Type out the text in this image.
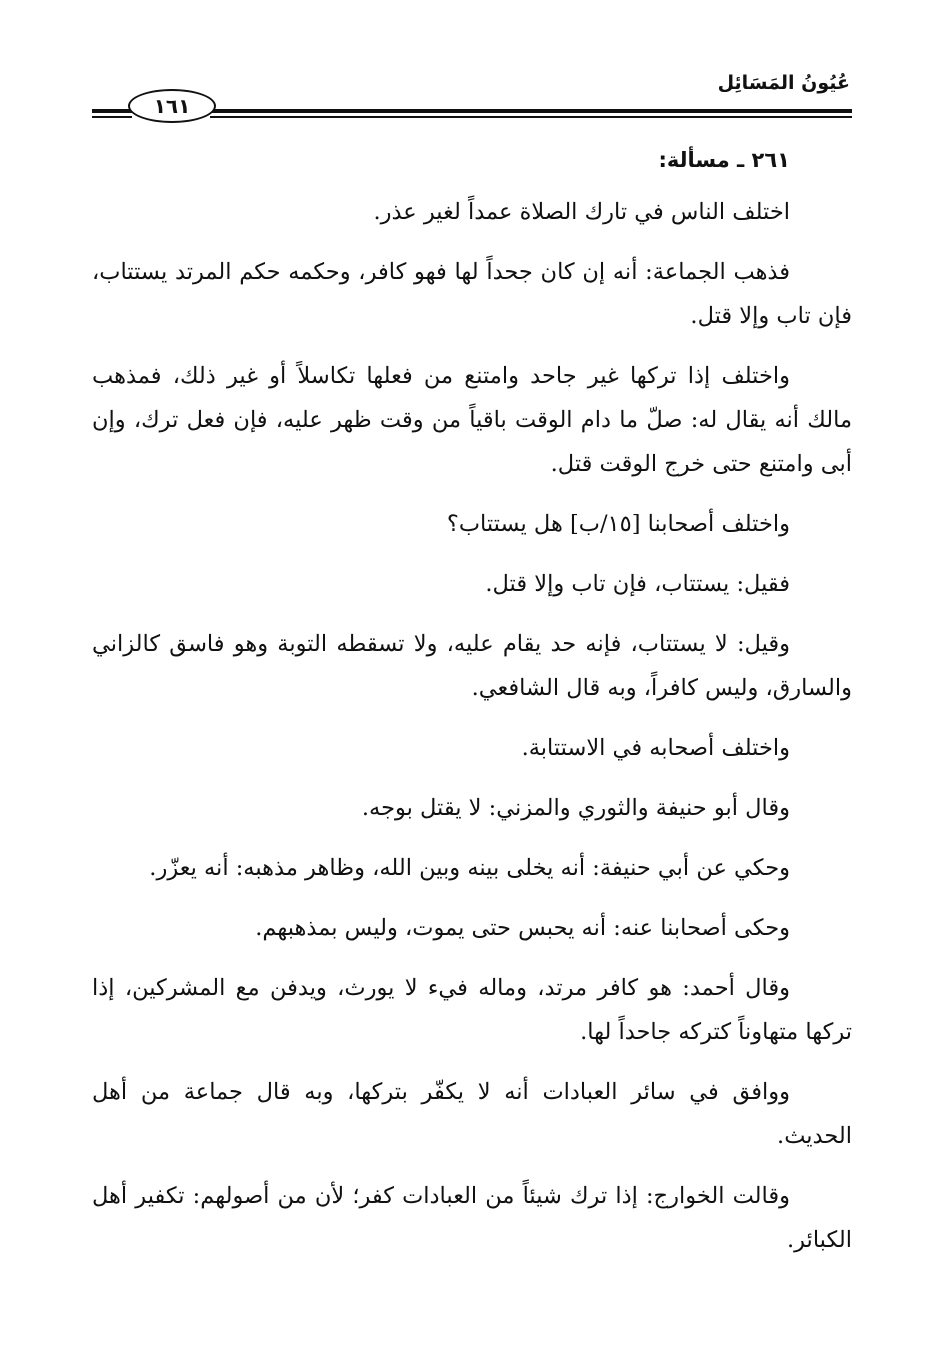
عُيُونُ المَسَائِل
١٦١
٢٦١ ـ مسألة:

اختلف الناس في تارك الصلاة عمداً لغير عذر.

فذهب الجماعة: أنه إن كان جحداً لها فهو كافر، وحكمه حكم المرتد يستتاب، فإن تاب وإلا قتل.

واختلف إذا تركها غير جاحد وامتنع من فعلها تكاسلاً أو غير ذلك، فمذهب مالك أنه يقال له: صلّ ما دام الوقت باقياً من وقت ظهر عليه، فإن فعل ترك، وإن أبى وامتنع حتى خرج الوقت قتل.

واختلف أصحابنا [١٥/ب] هل يستتاب؟

فقيل: يستتاب، فإن تاب وإلا قتل.

وقيل: لا يستتاب، فإنه حد يقام عليه، ولا تسقطه التوبة وهو فاسق كالزاني والسارق، وليس كافراً، وبه قال الشافعي.

واختلف أصحابه في الاستتابة.

وقال أبو حنيفة والثوري والمزني: لا يقتل بوجه.

وحكي عن أبي حنيفة: أنه يخلى بينه وبين الله، وظاهر مذهبه: أنه يعزّر.

وحكى أصحابنا عنه: أنه يحبس حتى يموت، وليس بمذهبهم.

وقال أحمد: هو كافر مرتد، وماله فيء لا يورث، ويدفن مع المشركين، إذا تركها متهاوناً كتركه جاحداً لها.

ووافق في سائر العبادات أنه لا يكفّر بتركها، وبه قال جماعة من أهل الحديث.

وقالت الخوارج: إذا ترك شيئاً من العبادات كفر؛ لأن من أصولهم: تكفير أهل الكبائر.
